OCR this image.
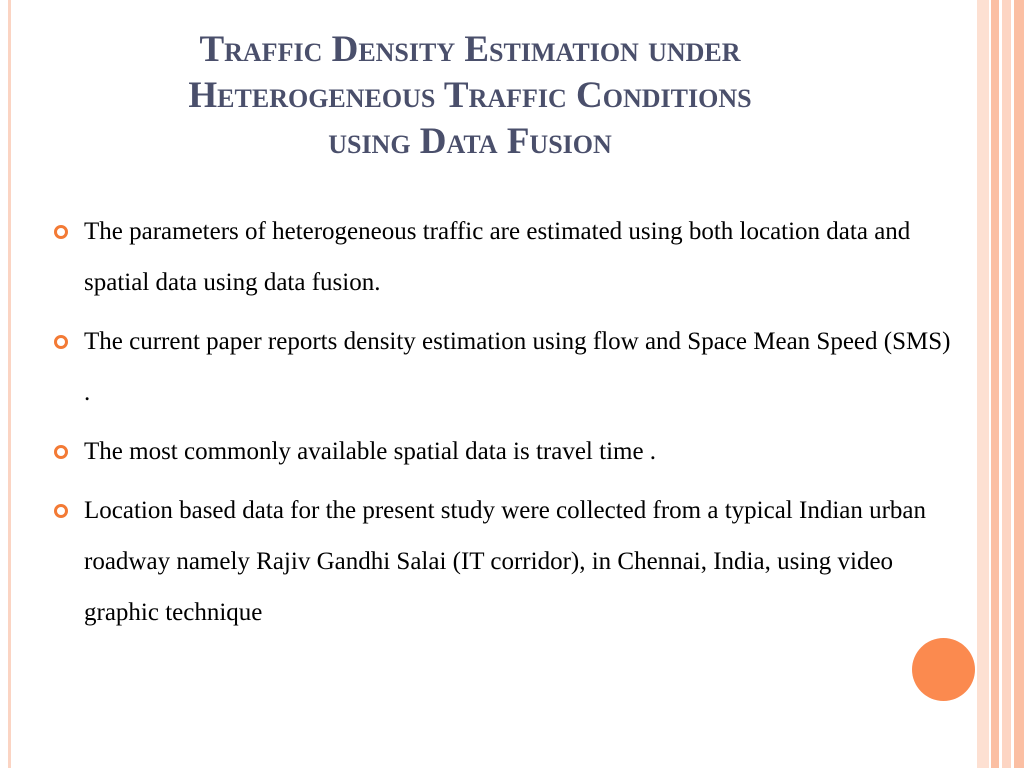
Traffic Density Estimation under
Heterogeneous Traffic Conditions
using Data Fusion
The parameters of heterogeneous traffic are estimated using both location data and spatial data using data fusion.
The current paper reports density estimation using flow and Space Mean Speed (SMS) .
The most commonly available spatial data is travel time .
Location based data for the present study were collected from a typical Indian urban roadway namely Rajiv Gandhi Salai (IT corridor), in Chennai, India, using video graphic technique
